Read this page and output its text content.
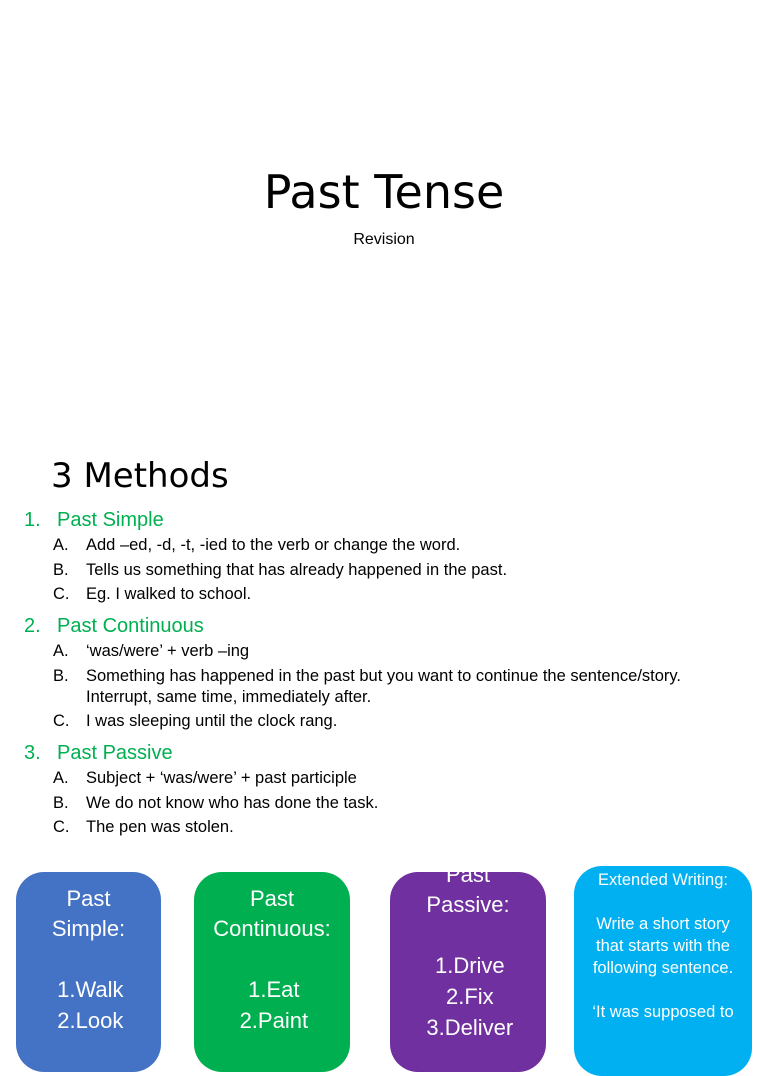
Past Tense
Revision
3 Methods
1. Past Simple
A.	Add –ed, -d, -t, -ied to the verb or change the word.
B.	Tells us something that has already happened in the past.
C.	Eg. I walked to school.
2. Past Continuous
A.	‘was/were’ + verb –ing
B.	Something has happened in the past but you want to continue the sentence/story. Interrupt, same time, immediately after.
C.	I was sleeping until the clock rang.
3. Past Passive
A.	Subject + ‘was/were’ + past participle
B.	We do not know who has done the task.
C.	The pen was stolen.
Past
Simple:
1. Walk
2. Look
Past
Continuous:
1. Eat
2. Paint
Past
Passive:
1. Drive
2. Fix
3. Deliver
Extended Writing:
Write a short story that starts with the following sentence.
‘It was supposed to
